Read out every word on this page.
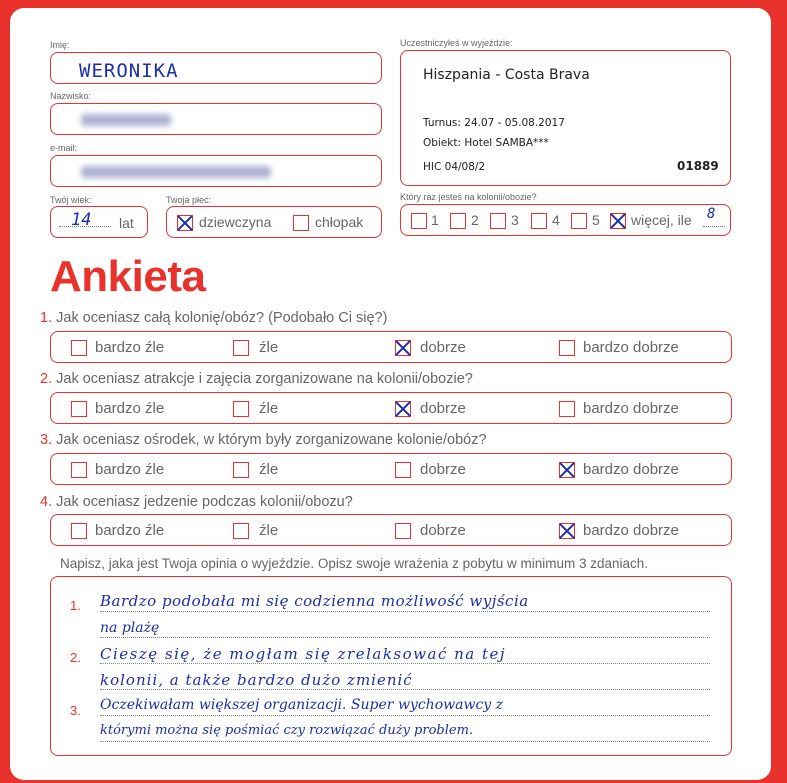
Imię:
WERONIKA
Nazwisko:
e-mail:
Twój wiek:
14 lat
Twoja płeć:
dziewczyna	chłopak
Uczestniczyłeś w wyjeździe:
Hiszpania - Costa Brava
Turnus: 24.07 - 05.08.2017
Obiekt: Hotel SAMBA***
HIC 04/08/2	01889
Który raz jesteś na kolonii/obozie?
1 2 3 4 5 więcej, ile 8
Ankieta
1. Jak oceniasz całą kolonię/obóz? (Podobało Ci się?)
bardzo źle	źle	dobrze	bardzo dobrze
2. Jak oceniasz atrakcje i zajęcia zorganizowane na kolonii/obozie?
bardzo źle	źle	dobrze	bardzo dobrze
3. Jak oceniasz ośrodek, w którym były zorganizowane kolonie/obóz?
bardzo źle	źle	dobrze	bardzo dobrze
4. Jak oceniasz jedzenie podczas kolonii/obozu?
bardzo źle	źle	dobrze	bardzo dobrze
Napisz, jaka jest Twoja opinia o wyjeździe. Opisz swoje wrażenia z pobytu w minimum 3 zdaniach.
1. Bardzo podobała mi się codzienna możliwość wyjścia
na plażę
2. Cieszę się, że mogłam się zrelaksować na tej
kolonii, a także bardzo dużo zmienić
3. Oczekiwałam większej organizacji. Super wychowawcy z
którymi można się pośmiać czy rozwiązać duży problem.
